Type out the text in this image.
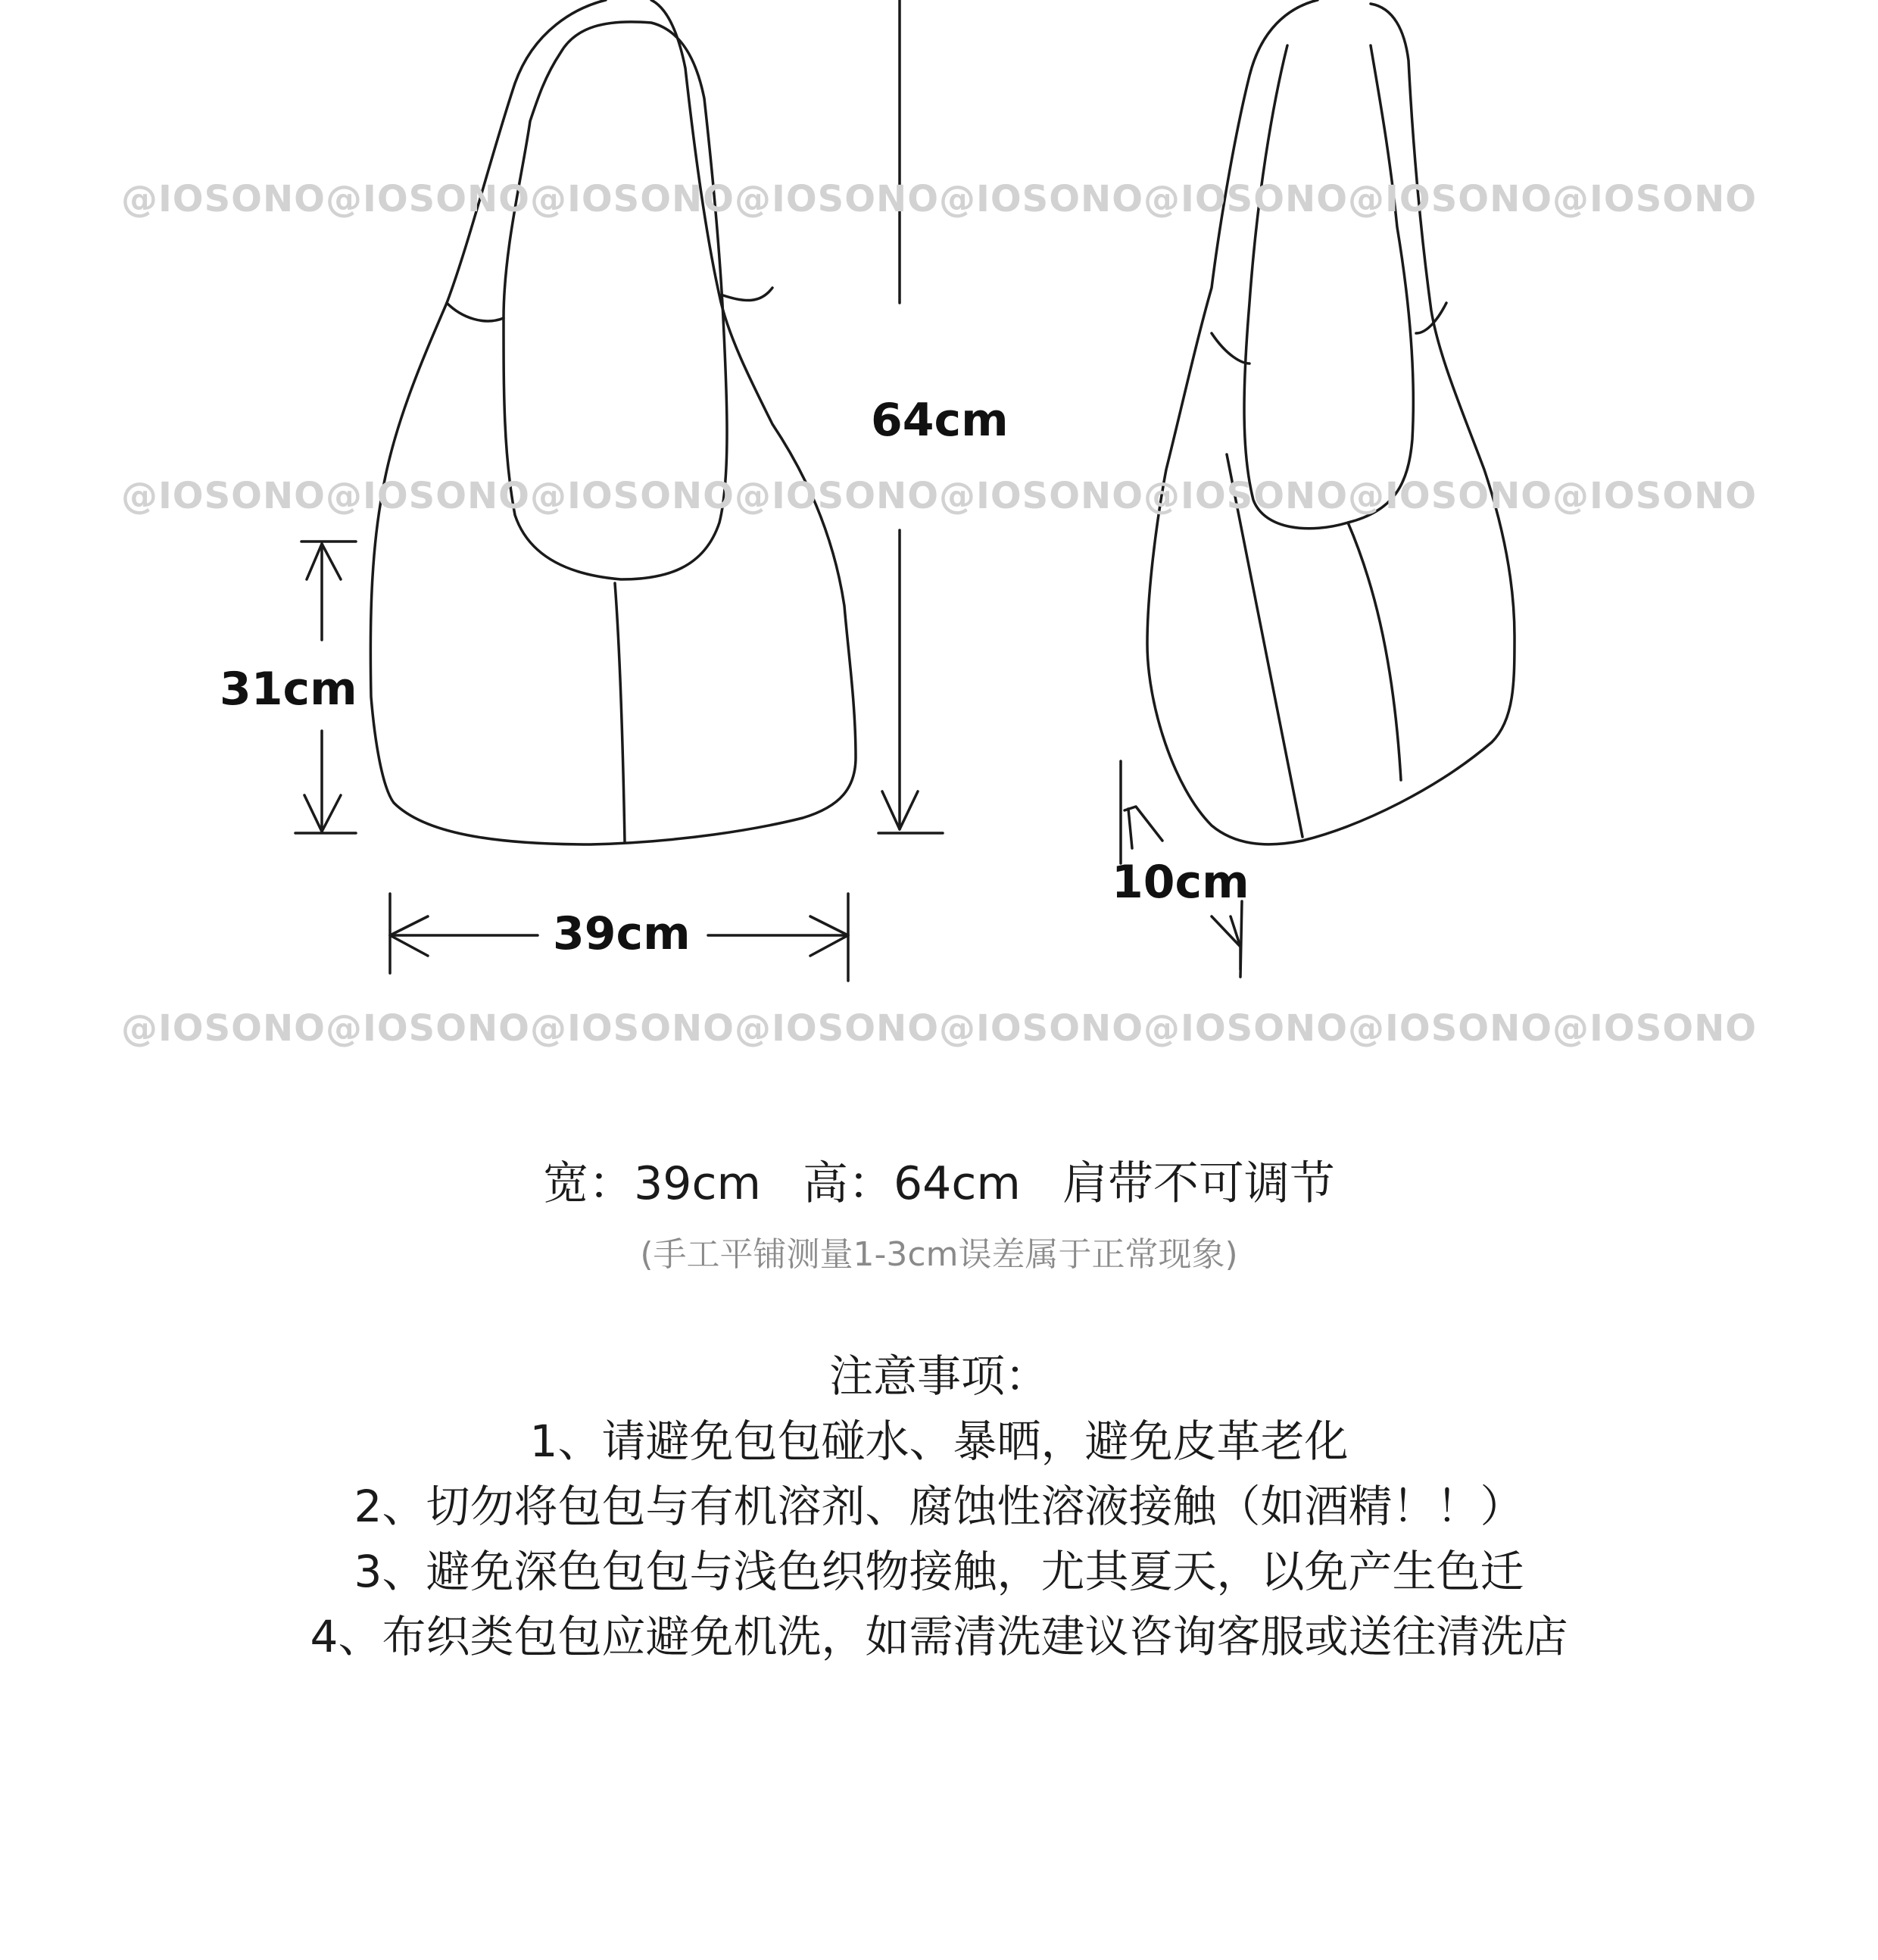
@IOSONO@IOSONO@IOSONO@IOSONO@IOSONO@IOSONO@IOSONO@IOSONO
@IOSONO@IOSONO@IOSONO@IOSONO@IOSONO@IOSONO@IOSONO@IOSONO
@IOSONO@IOSONO@IOSONO@IOSONO@IOSONO@IOSONO@IOSONO@IOSONO
64cm
31cm
39cm
10cm
宽：39cm 高：64cm 肩带不可调节
(手工平铺测量1-3cm误差属于正常现象)
注意事项：
1、请避免包包碰水、暴晒，避免皮革老化
2、切勿将包包与有机溶剂、腐蚀性溶液接触（如酒精！！）
3、避免深色包包与浅色织物接触，尤其夏天，以免产生色迁
4、布织类包包应避免机洗，如需清洗建议咨询客服或送往清洗店
